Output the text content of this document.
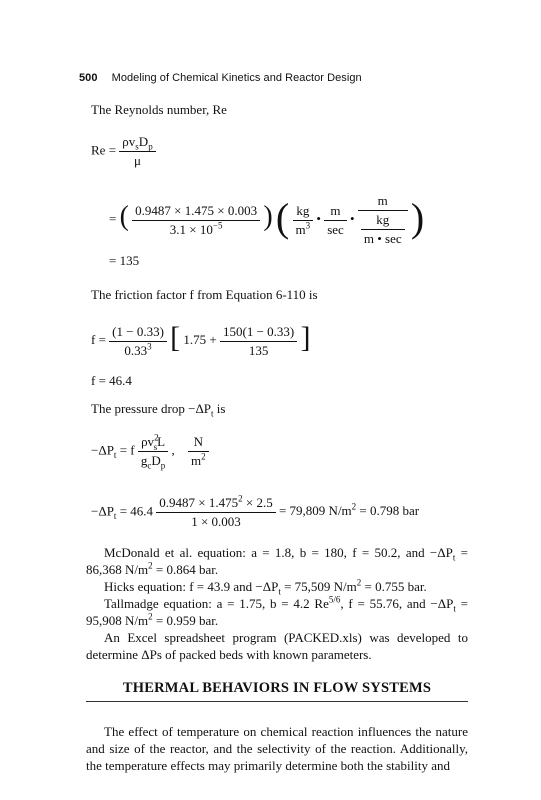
500 Modeling of Chemical Kinetics and Reactor Design
The Reynolds number, Re
$Re = \frac{\rho v_sD_p}{\mu}$
= ( $\frac{0.9487 \times 1.475 \times 0.003}{3.1 \times 10^{-5}}$ ) ( $\frac{kg}{m^3}$ • $\frac{m}{\sec}$ • $\frac{m}{\frac{kg}{m • \sec}}$ )
= 135
The friction factor f from Equation 6-110 is
$f = \frac{(1 - 0.33)}{0.33^3}$ [ $1.75 + \frac{150(1 - 0.33)}{135}$ ]
f = 46.4
The pressure drop $-\Delta P_t$ is
$-\Delta P_t = f \frac{\rho v^2_sL}{g_cD_p}$ , $\frac{N}{m^2}$
$-\Delta P_t = 46.4 \frac{0.9487 \times 1.475^2 \times 2.5}{1 \times 0.003} = 79,809$ $N/m^2 = 0.798$ bar
McDonald et al. equation: a = 1.8, b = 180, f = 50.2, and $-\Delta P_t = 86,368$ $N/m^2 = 0.864$ bar.
Hicks equation: f = 43.9 and $-\Delta P_t = 75,509$ $N/m^2 = 0.755$ bar.
Tallmadge equation: a = 1.75, b = 4.2 $Re^{5/6}$, f = 55.76, and $-\Delta P_t = 95,908$ $N/m^2 = 0.959$ bar.
THERMAL BEHAVIORS IN FLOW SYSTEMS
The effect of temperature on chemical reaction influences the nature and size of the reactor, and the selectivity of the reaction. Additionally, the temperature effects may primarily determine both the stability and
An Excel spreadsheet program (PACKED.xls) was developed to determine ΔPs of packed beds with known parameters.
